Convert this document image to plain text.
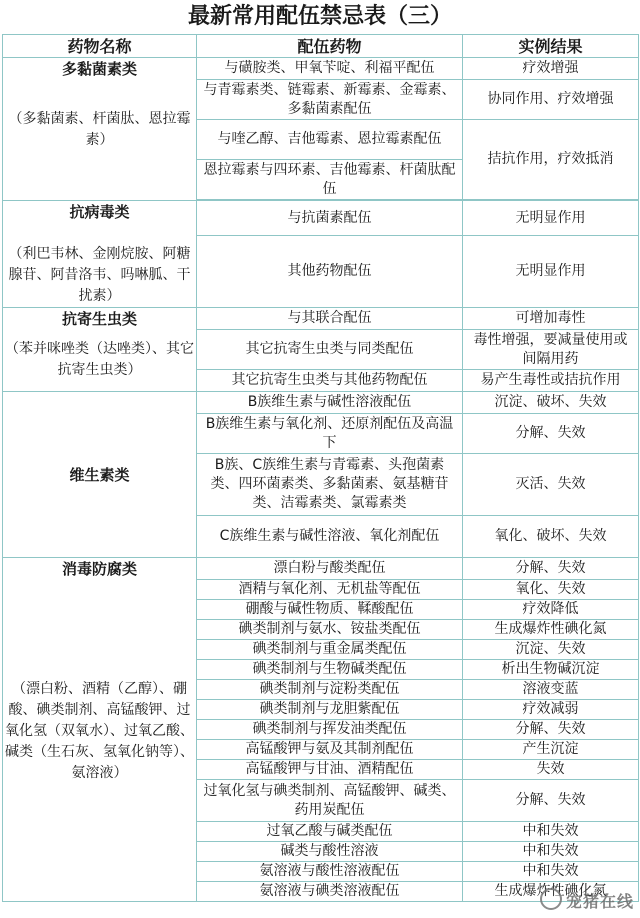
最新常用配伍禁忌表（三）
药物名称	配伍药物	实例结果

多黏菌素类
（多黏菌素、杆菌肽、恩拉霉素）	与磺胺类、甲氧苄啶、利福平配伍	疗效增强
	与青霉素类、链霉素、新霉素、金霉素、多黏菌素配伍	协同作用、疗效增强
	与喹乙醇、吉他霉素、恩拉霉素配伍	拮抗作用，疗效抵消
	恩拉霉素与四环素、吉他霉素、杆菌肽配伍	

抗病毒类
（利巴韦林、金刚烷胺、阿糖腺苷、阿昔洛韦、吗啉胍、干扰素）	与抗菌素配伍	无明显作用
	其他药物配伍	无明显作用

抗寄生虫类
（苯并咪唑类（达唑类）、其它抗寄生虫类）	与其联合配伍	可增加毒性
	其它抗寄生虫类与同类配伍	毒性增强，要减量使用或间隔用药
	其它抗寄生虫类与其他药物配伍	易产生毒性或拮抗作用

维生素类	B族维生素与碱性溶液配伍	沉淀、破坏、失效
	B族维生素与氧化剂、还原剂配伍及高温下	分解、失效
	B族、C族维生素与青霉素、头孢菌素类、四环菌素类、多黏菌素、氨基糖苷类、洁霉素类、氯霉素类	灭活、失效
	C族维生素与碱性溶液、氧化剂配伍	氧化、破坏、失效

消毒防腐类
（漂白粉、酒精（乙醇）、硼酸、碘类制剂、高锰酸钾、过氧化氢（双氧水）、过氧乙酸、碱类（生石灰、氢氧化钠等）、氨溶液）	漂白粉与酸类配伍	分解、失效
	酒精与氧化剂、无机盐等配伍	氧化、失效
	硼酸与碱性物质、鞣酸配伍	疗效降低
	碘类制剂与氨水、铵盐类配伍	生成爆炸性碘化氮
	碘类制剂与重金属类配伍	沉淀、失效
	碘类制剂与生物碱类配伍	析出生物碱沉淀
	碘类制剂与淀粉类配伍	溶液变蓝
	碘类制剂与龙胆紫配伍	疗效减弱
	碘类制剂与挥发油类配伍	分解、失效
	高锰酸钾与氨及其制剂配伍	产生沉淀
	高锰酸钾与甘油、酒精配伍	失效
	过氧化氢与碘类制剂、高锰酸钾、碱类、药用炭配伍	分解、失效
	过氧乙酸与碱类配伍	中和失效
	碱类与酸性溶液	中和失效
	氨溶液与酸性溶液配伍	中和失效
	氨溶液与碘类溶液配伍	生成爆炸性碘化氮
宠猪在线
